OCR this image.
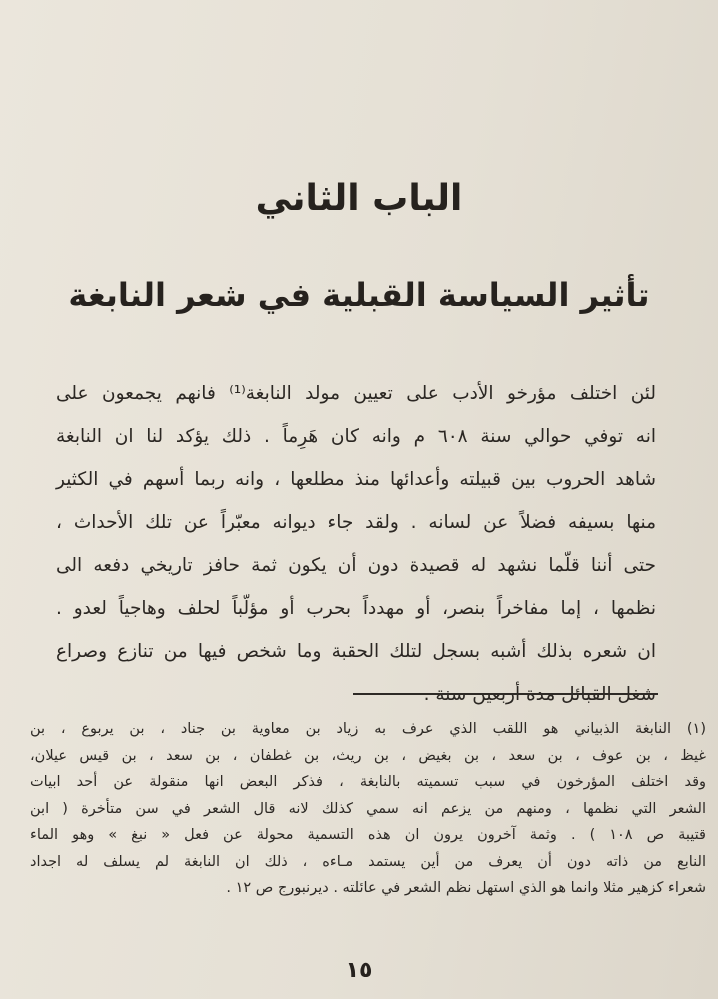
الباب الثاني
تأثير السياسة القبلية في شعر النابغة
لئن اختلف مؤرخو الأدب على تعيين مولد النابغة⁽¹⁾ فانهم يجمعون على
انه توفي حوالي سنة ٦٠٨ م وانه كان هَرِماً . ذلك يؤكد لنا ان النابغة
شاهد الحروب بين قبيلته وأعدائها منذ مطلعها ، وانه ربما أسهم في الكثير
منها بسيفه فضلاً عن لسانه . ولقد جاء ديوانه معبّراً عن تلك الأحداث ،
حتى أننا قلّما نشهد له قصيدة دون أن يكون ثمة حافز تاريخي دفعه الى
نظمها ، إما مفاخراً بنصر، أو مهدداً بحرب أو مؤلّباً لحلف وهاجياً لعدو .
ان شعره بذلك أشبه بسجل لتلك الحقبة وما شخص فيها من تنازع وصراع
شغل القبائل مدة أربعين سنة .
(١) النابغة الذبياني هو اللقب الذي عرف به زياد بن معاوية بن جناد ، بن يربوع ، بن
غيظ ، بن عوف ، بن سعد ، بن بغيض ، بن ريث، بن غطفان ، بن سعد ، بن قيس عيلان،
وقد اختلف المؤرخون في سبب تسميته بالنابغة ، فذكر البعض انها منقولة عن أحد ابيات
الشعر التي نظمها ، ومنهم من يزعم انه سمي كذلك لانه قال الشعر في سن متأخرة ( ابن
قتيبة ص ١٠٨ ) . وثمة آخرون يرون ان هذه التسمية محولة عن فعل « نبغ » وهو الماء
النابع من ذاته دون أن يعرف من أين يستمد مـاءه ، ذلك ان النابغة لم يسلف له اجداد
شعراء كزهير مثلا وانما هو الذي استهل نظم الشعر في عائلته . ديرنبورج ص ١٢ .
١٥
